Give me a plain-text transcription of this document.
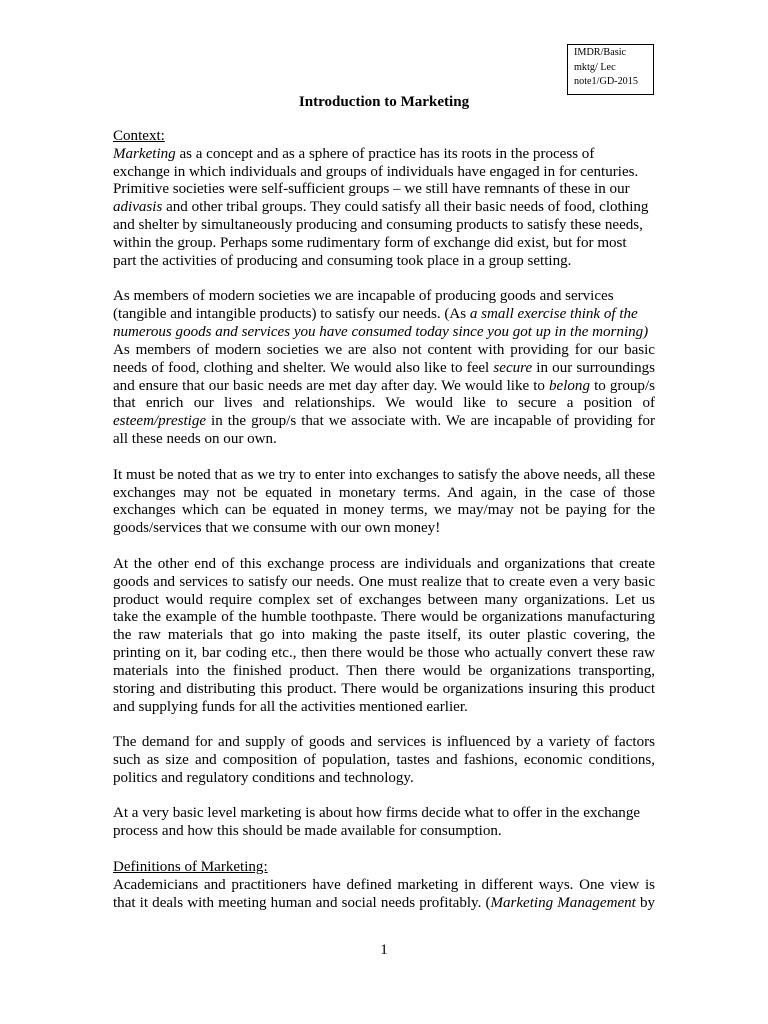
IMDR/Basic
mktg/ Lec
note1/GD-2015
Introduction to Marketing
Context:
Marketing as a concept and as a sphere of practice has its roots in the process of
exchange in which individuals and groups of individuals have engaged in for centuries.
Primitive societies were self-sufficient groups – we still have remnants of these in our
adivasis and other tribal groups. They could satisfy all their basic needs of food, clothing
and shelter by simultaneously producing and consuming products to satisfy these needs,
within the group. Perhaps some rudimentary form of exchange did exist, but for most
part the activities of producing and consuming took place in a group setting.
As members of modern societies we are incapable of producing goods and services
(tangible and intangible products) to satisfy our needs. (As a small exercise think of the
numerous goods and services you have consumed today since you got up in the morning)
As members of modern societies we are also not content with providing for our basic
needs of food, clothing and shelter. We would also like to feel secure in our surroundings
and ensure that our basic needs are met day after day. We would like to belong to group/s
that enrich our lives and relationships. We would like to secure a position of
esteem/prestige in the group/s that we associate with. We are incapable of providing for
all these needs on our own.
It must be noted that as we try to enter into exchanges to satisfy the above needs, all these
exchanges may not be equated in monetary terms. And again, in the case of those
exchanges which can be equated in money terms, we may/may not be paying for the
goods/services that we consume with our own money!
At the other end of this exchange process are individuals and organizations that create
goods and services to satisfy our needs. One must realize that to create even a very basic
product would require complex set of exchanges between many organizations. Let us
take the example of the humble toothpaste. There would be organizations manufacturing
the raw materials that go into making the paste itself, its outer plastic covering, the
printing on it, bar coding etc., then there would be those who actually convert these raw
materials into the finished product. Then there would be organizations transporting,
storing and distributing this product. There would be organizations insuring this product
and supplying funds for all the activities mentioned earlier.
The demand for and supply of goods and services is influenced by a variety of factors
such as size and composition of population, tastes and fashions, economic conditions,
politics and regulatory conditions and technology.
At a very basic level marketing is about how firms decide what to offer in the exchange
process and how this should be made available for consumption.
Definitions of Marketing:
Academicians and practitioners have defined marketing in different ways. One view is
that it deals with meeting human and social needs profitably. (Marketing Management by
1
